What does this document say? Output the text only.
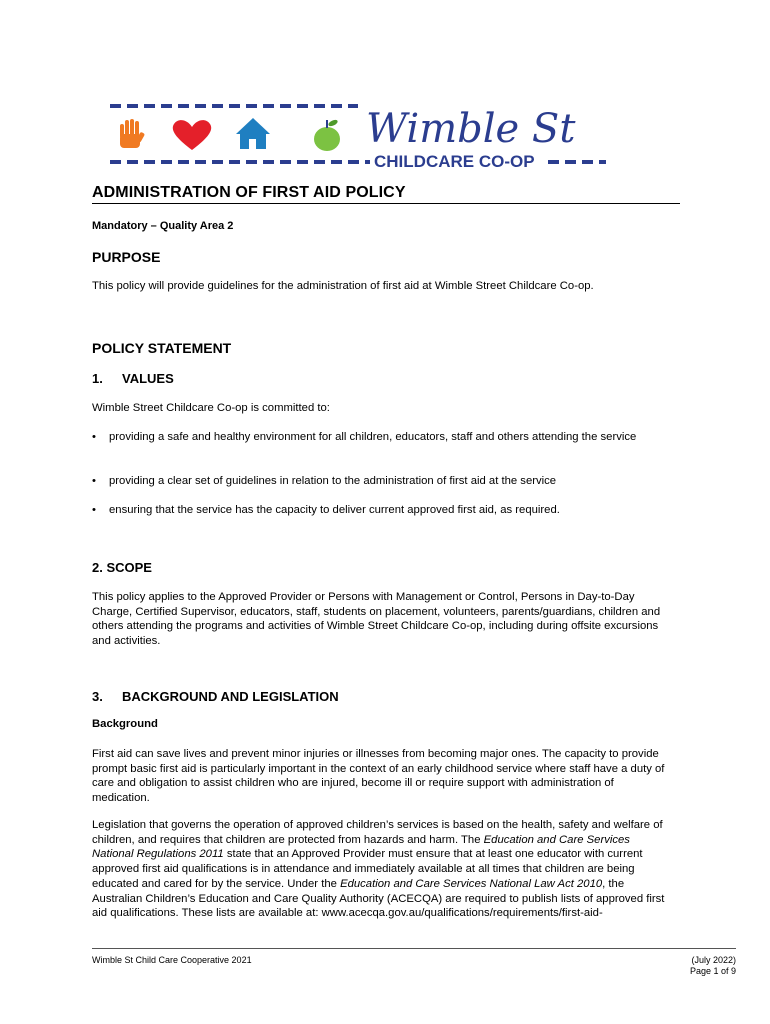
Wimble St
CHILDCARE CO-OP
ADMINISTRATION OF FIRST AID POLICY
Mandatory – Quality Area 2
PURPOSE
This policy will provide guidelines for the administration of first aid at Wimble Street Childcare Co-op.
POLICY STATEMENT
1. VALUES
Wimble Street Childcare Co-op is committed to:
• providing a safe and healthy environment for all children, educators, staff and others attending the service
• providing a clear set of guidelines in relation to the administration of first aid at the service
• ensuring that the service has the capacity to deliver current approved first aid, as required.
2. SCOPE
This policy applies to the Approved Provider or Persons with Management or Control, Persons in Day-to-Day Charge, Certified Supervisor, educators, staff, students on placement, volunteers, parents/guardians, children and others attending the programs and activities of Wimble Street Childcare Co-op, including during offsite excursions and activities.
3. BACKGROUND AND LEGISLATION
Background
First aid can save lives and prevent minor injuries or illnesses from becoming major ones. The capacity to provide prompt basic first aid is particularly important in the context of an early childhood service where staff have a duty of care and obligation to assist children who are injured, become ill or require support with administration of medication.
Legislation that governs the operation of approved children’s services is based on the health, safety and welfare of children, and requires that children are protected from hazards and harm. The Education and Care Services National Regulations 2011 state that an Approved Provider must ensure that at least one educator with current approved first aid qualifications is in attendance and immediately available at all times that children are being educated and cared for by the service. Under the Education and Care Services National Law Act 2010, the Australian Children’s Education and Care Quality Authority (ACECQA) are required to publish lists of approved first aid qualifications. These lists are available at: www.acecqa.gov.au/qualifications/requirements/first-aid-
Wimble St Child Care Cooperative 2021	(July 2022)
Page 1 of 9
